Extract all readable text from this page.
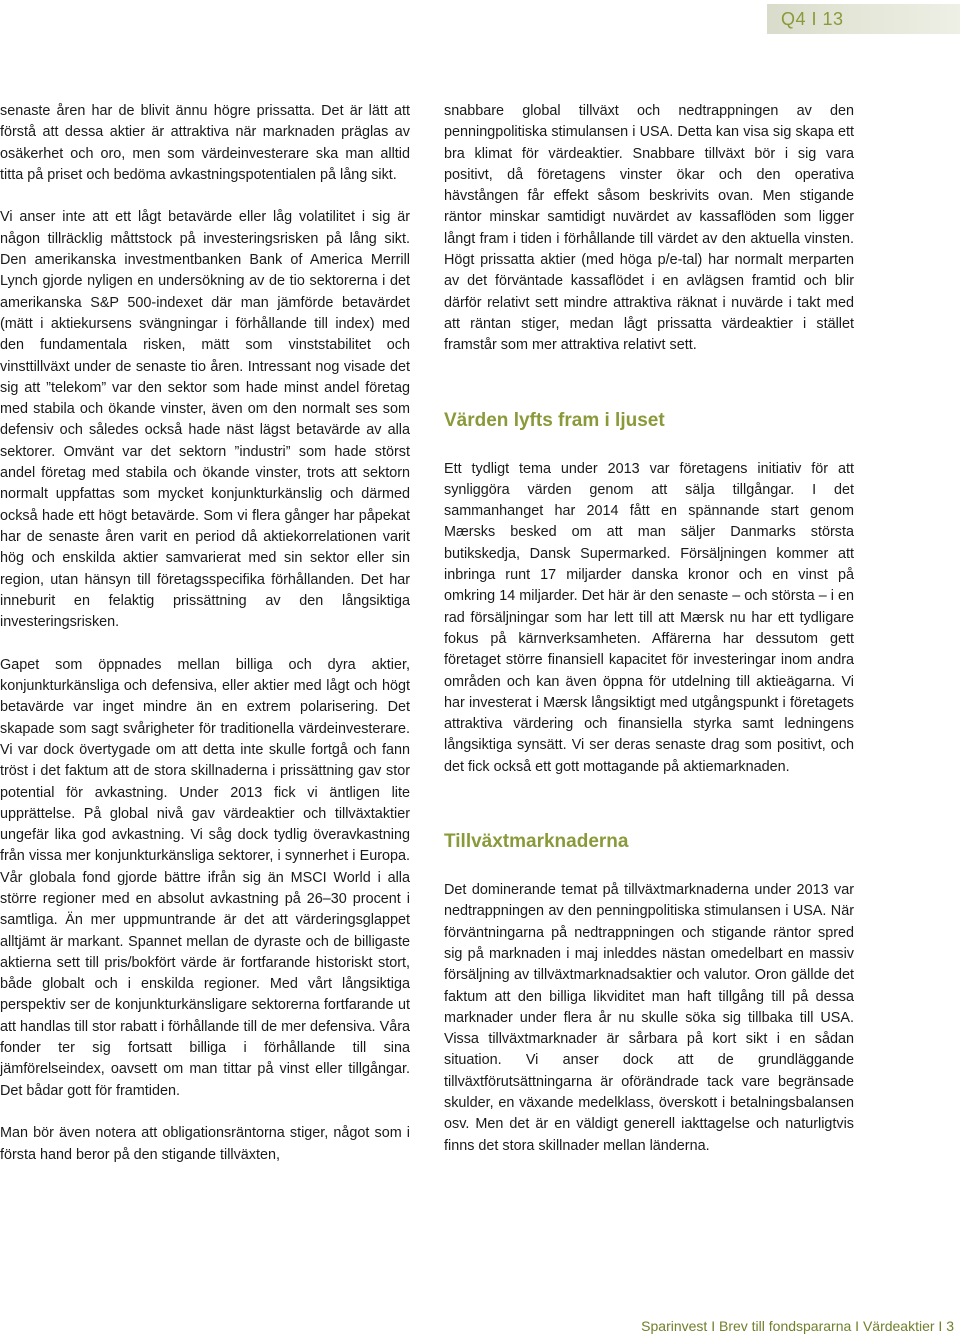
Q4 I 13

senaste åren har de blivit ännu högre prissatta. Det är lätt att förstå att dessa aktier är attraktiva när marknaden präglas av osäkerhet och oro, men som värdeinvesterare ska man alltid titta på priset och bedöma avkastningspotentialen på lång sikt.

Vi anser inte att ett lågt betavärde eller låg volatilitet i sig är någon tillräcklig måttstock på investeringsrisken på lång sikt. Den amerikanska investmentbanken Bank of America Merrill Lynch gjorde nyligen en undersökning av de tio sektorerna i det amerikanska S&P 500-indexet där man jämförde betavärdet (mätt i aktiekursens svängningar i förhållande till index) med den fundamentala risken, mätt som vinststabilitet och vinsttillväxt under de senaste tio åren. Intressant nog visade det sig att ”telekom” var den sektor som hade minst andel företag med stabila och ökande vinster, även om den normalt ses som defensiv och således också hade näst lägst betavärde av alla sektorer. Omvänt var det sektorn ”industri” som hade störst andel företag med stabila och ökande vinster, trots att sektorn normalt uppfattas som mycket konjunkturkänslig och därmed också hade ett högt betavärde. Som vi flera gånger har påpekat har de senaste åren varit en period då aktiekorrelationen varit hög och enskilda aktier samvarierat med sin sektor eller sin region, utan hänsyn till företagsspecifika förhållanden. Det har inneburit en felaktig prissättning av den långsiktiga investeringsrisken.

Gapet som öppnades mellan billiga och dyra aktier, konjunkturkänsliga och defensiva, eller aktier med lågt och högt betavärde var inget mindre än en extrem polarisering. Det skapade som sagt svårigheter för traditionella värdeinvesterare. Vi var dock övertygade om att detta inte skulle fortgå och fann tröst i det faktum att de stora skillnaderna i prissättning gav stor potential för avkastning. Under 2013 fick vi äntligen lite upprättelse. På global nivå gav värdeaktier och tillväxtaktier ungefär lika god avkastning. Vi såg dock tydlig överavkastning från vissa mer konjunkturkänsliga sektorer, i synnerhet i Europa. Vår globala fond gjorde bättre ifrån sig än MSCI World i alla större regioner med en absolut avkastning på 26–30 procent i samtliga. Än mer uppmuntrande är det att värderingsglappet alltjämt är markant. Spannet mellan de dyraste och de billigaste aktierna sett till pris/bokfört värde är fortfarande historiskt stort, både globalt och i enskilda regioner. Med vårt långsiktiga perspektiv ser de konjunkturkänsligare sektorerna fortfarande ut att handlas till stor rabatt i förhållande till de mer defensiva. Våra fonder ter sig fortsatt billiga i förhållande till sina jämförelseindex, oavsett om man tittar på vinst eller tillgångar. Det bådar gott för framtiden.

Man bör även notera att obligationsräntorna stiger, något som i första hand beror på den stigande tillväxten,

snabbare global tillväxt och nedtrappningen av den penningpolitiska stimulansen i USA. Detta kan visa sig skapa ett bra klimat för värdeaktier. Snabbare tillväxt bör i sig vara positivt, då företagens vinster ökar och den operativa hävstången får effekt såsom beskrivits ovan. Men stigande räntor minskar samtidigt nuvärdet av kassaflöden som ligger långt fram i tiden i förhållande till värdet av den aktuella vinsten. Högt prissatta aktier (med höga p/e-tal) har normalt merparten av det förväntade kassaflödet i en avlägsen framtid och blir därför relativt sett mindre attraktiva räknat i nuvärde i takt med att räntan stiger, medan lågt prissatta värdeaktier i stället framstår som mer attraktiva relativt sett.

Värden lyfts fram i ljuset

Ett tydligt tema under 2013 var företagens initiativ för att synliggöra värden genom att sälja tillgångar. I det sammanhanget har 2014 fått en spännande start genom Mærsks besked om att man säljer Danmarks största butikskedja, Dansk Supermarked. Försäljningen kommer att inbringa runt 17 miljarder danska kronor och en vinst på omkring 14 miljarder. Det här är den senaste – och största – i en rad försäljningar som har lett till att Mærsk nu har ett tydligare fokus på kärnverksamheten. Affärerna har dessutom gett företaget större finansiell kapacitet för investeringar inom andra områden och kan även öppna för utdelning till aktieägarna. Vi har investerat i Mærsk långsiktigt med utgångspunkt i företagets attraktiva värdering och finansiella styrka samt ledningens långsiktiga synsätt. Vi ser deras senaste drag som positivt, och det fick också ett gott mottagande på aktiemarknaden.

Tillväxtmarknaderna

Det dominerande temat på tillväxtmarknaderna under 2013 var nedtrappningen av den penningpolitiska stimulansen i USA. När förväntningarna på nedtrappningen och stigande räntor spred sig på marknaden i maj inleddes nästan omedelbart en massiv försäljning av tillväxtmarknadsaktier och valutor. Oron gällde det faktum att den billiga likviditet man haft tillgång till på dessa marknader under flera år nu skulle söka sig tillbaka till USA. Vissa tillväxtmarknader är sårbara på kort sikt i en sådan situation. Vi anser dock att de grundläggande tillväxtförutsättningarna är oförändrade tack vare begränsade skulder, en växande medelklass, överskott i betalningsbalansen osv. Men det är en väldigt generell iakttagelse och naturligtvis finns det stora skillnader mellan länderna.

Sparinvest I Brev till fondspararna I Värdeaktier I 3
